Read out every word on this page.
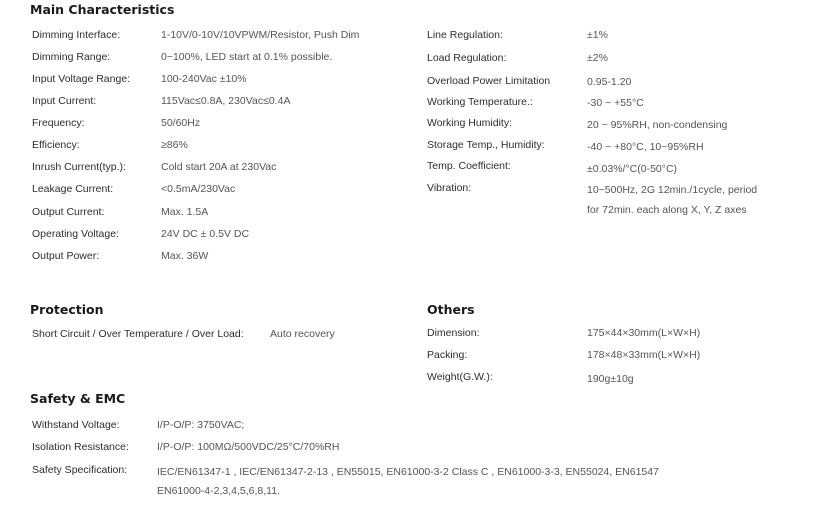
Main Characteristics
Dimming Interface:	1-10V/0-10V/10VPWM/Resistor, Push Dim
Dimming Range:	0~100%, LED start at 0.1% possible.
Input Voltage Range:	100-240Vac ±10%
Input Current:	115Vac≤0.8A, 230Vac≤0.4A
Frequency:	50/60Hz
Efficiency:	≥86%
Inrush Current(typ.):	Cold start 20A at 230Vac
Leakage Current:	<0.5mA/230Vac
Output Current:	Max. 1.5A
Operating Voltage:	24V DC ± 0.5V DC
Output Power:	Max. 36W
Line Regulation:	±1%
Load Regulation:	±2%
Overload Power Limitation	0.95-1.20
Working Temperature.:	-30 ~ +55°C
Working Humidity:	20 ~ 95%RH, non-condensing
Storage Temp., Humidity:	-40 ~ +80°C, 10~95%RH
Temp. Coefficient:	±0.03%/°C(0-50°C)
Vibration:	10~500Hz, 2G 12min./1cycle, period
for 72min. each along X, Y, Z axes
Protection
Short Circuit / Over Temperature / Over Load:	Auto recovery
Others
Dimension:	175×44×30mm(L×W×H)
Packing:	178×48×33mm(L×W×H)
Weight(G.W.):	190g±10g
Safety & EMC
Withstand Voltage:	I/P-O/P: 3750VAC;
Isolation Resistance:	I/P-O/P: 100MΩ/500VDC/25°C/70%RH
Safety Specification:	IEC/EN61347-1 , IEC/EN61347-2-13 , EN55015, EN61000-3-2 Class C , EN61000-3-3, EN55024, EN61547
EN61000-4-2,3,4,5,6,8,11.
